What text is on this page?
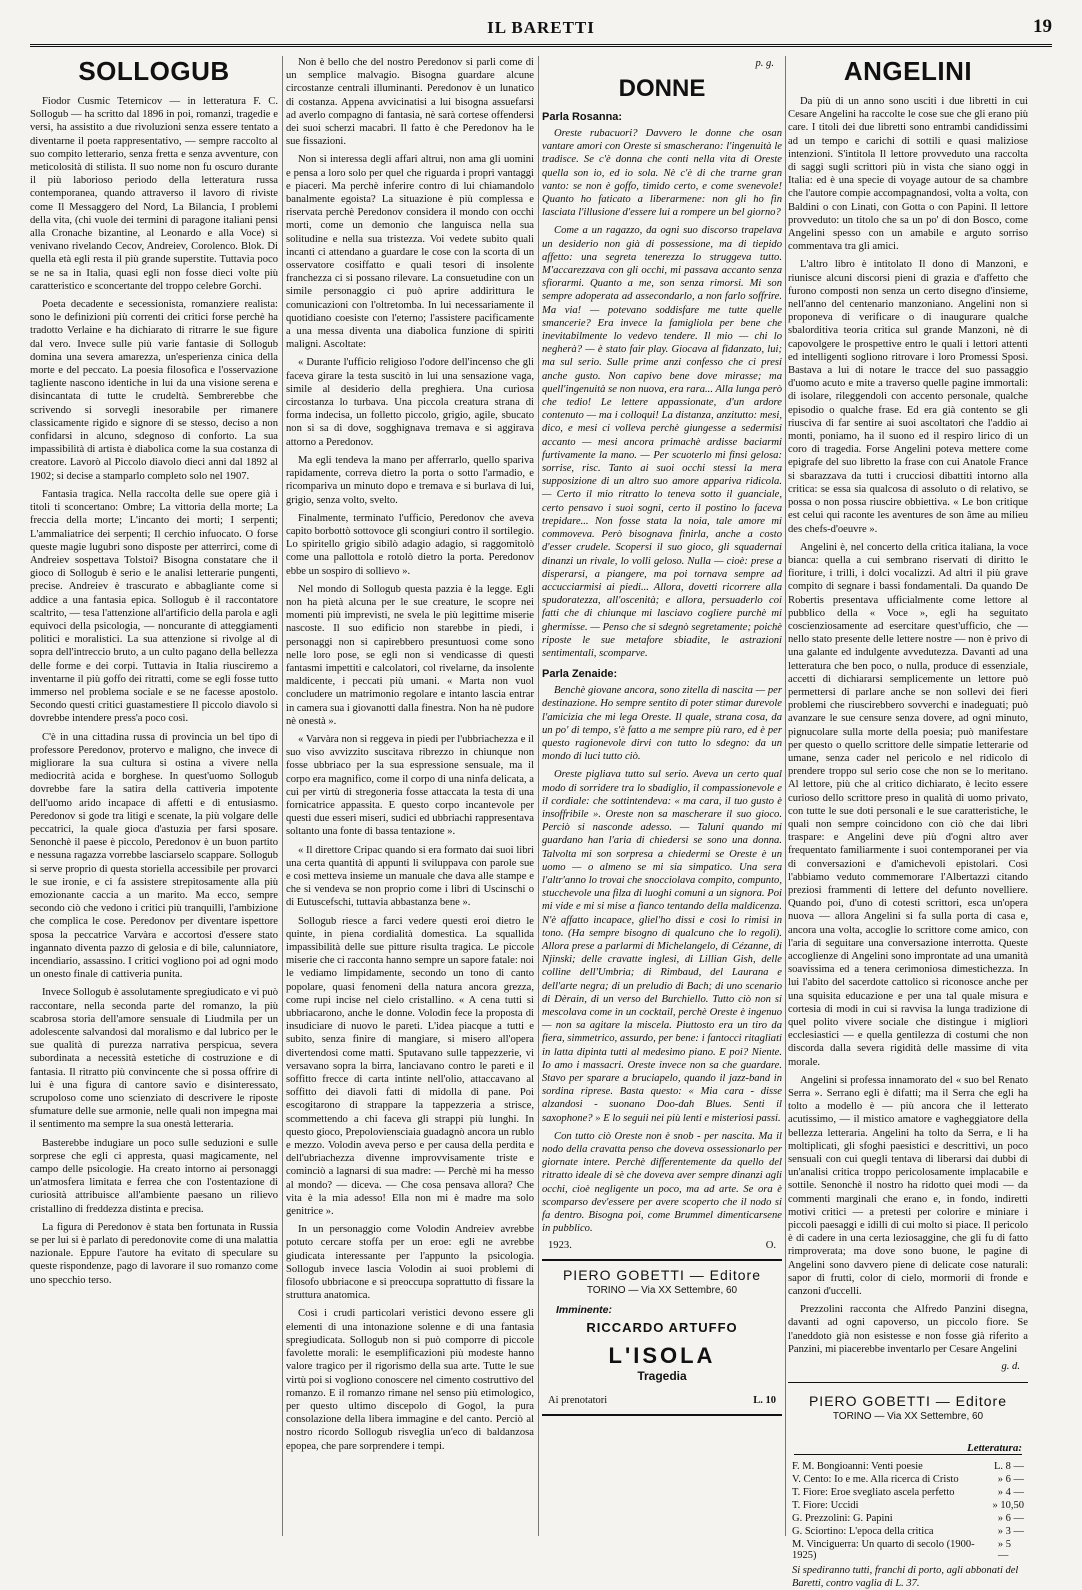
IL BARETTI	19
SOLLOGUB

Fiodor Cusmic Teternicov — in letteratura F. C. Sollogub — ha scritto dal 1896 in poi, romanzi, tragedie e versi, ha assistito a due rivoluzioni senza essere tentato a diventarne il poeta rappresentativo, — sempre raccolto al suo compito letterario, senza fretta e senza avventure, con meticolosità di stilista. Il suo nome non fu oscuro durante il più laborioso periodo della letteratura russa contemporanea, quando attraverso il lavoro di riviste come Il Messaggero del Nord, La Bilancia, I problemi della vita, (chi vuole dei termini di paragone italiani pensi alla Cronache bizantine, al Leonardo e alla Voce) si venivano rivelando Cecov, Andreiev, Corolenco. Blok. Di quella età egli resta il più grande superstite. Tuttavia poco se ne sa in Italia, quasi egli non fosse dieci volte più caratteristico e sconcertante del troppo celebre Gorchi.

Poeta decadente e secessionista, romanziere realista: sono le definizioni più correnti dei critici forse perchè ha tradotto Verlaine e ha dichiarato di ritrarre le sue figure dal vero. Invece sulle più varie fantasie di Sollogub domina una severa amarezza, un'esperienza cinica della morte e del peccato. La poesia filosofica e l'osservazione tagliente nascono identiche in lui da una visione serena e disincantata di tutte le crudeltà. Sembrerebbe che scrivendo si sorvegli inesorabile per rimanere classicamente rigido e signore di se stesso, deciso a non confidarsi in alcuno, sdegnoso di conforto. La sua impassibilità di artista è diabolica come la sua costanza di creatore. Lavorò al Piccolo diavolo dieci anni dal 1892 al 1902; si decise a stamparlo completo solo nel 1907.

Fantasia tragica. Nella raccolta delle sue opere già i titoli ti sconcertano: Ombre; La vittoria della morte; La freccia della morte; L'incanto dei morti; I serpenti; L'ammaliatrice dei serpenti; Il cerchio infuocato. O forse queste magie lugubri sono disposte per atterrirci, come di Andreiev sospettava Tolstoi? Bisogna constatare che il gioco di Sollogub è serio e le analisi letterarie pungenti, precise. Andreiev è trascurato e abbagliante come si addice a una fantasia epica. Sollogub è il raccontatore scaltrito, — tesa l'attenzione all'artificio della parola e agli equivoci della psicologia, — noncurante di atteggiamenti politici e moralistici. La sua attenzione si rivolge al di sopra dell'intreccio bruto, a un culto pagano della bellezza delle forme e dei corpi. Tuttavia in Italia riusciremo a inventarne il più goffo dei ritratti, come se egli fosse tutto immerso nel problema sociale e se ne facesse apostolo. Secondo questi critici guastamestiere Il piccolo diavolo si dovrebbe intendere press'a poco così.

C'è in una cittadina russa di provincia un bel tipo di professore Peredonov, protervo e maligno, che invece di migliorare la sua cultura si ostina a vivere nella mediocrità acida e borghese. In quest'uomo Sollogub dovrebbe fare la satira della cattiveria impotente dell'uomo arido incapace di affetti e di entusiasmo. Peredonov si gode tra litigi e scenate, la più volgare delle peccatrici, la quale gioca d'astuzia per farsi sposare. Senonchè il paese è piccolo, Peredonov è un buon partito e nessuna ragazza vorrebbe lasciarselo scappare. Sollogub si serve proprio di questa storiella accessibile per provarci le sue ironie, e ci fa assistere strepitosamente alla più emozionante caccia a un marito. Ma ecco, sempre secondo ciò che vedono i critici più tranquilli, l'ambizione che complica le cose. Peredonov per diventare ispettore sposa la peccatrice Varvàra e accortosi d'essere stato ingannato diventa pazzo di gelosia e di bile, calunniatore, incendiario, assassino. I critici vogliono poi ad ogni modo un onesto finale di cattiveria punita.

Invece Sollogub è assolutamente spregiudicato e vi può raccontare, nella seconda parte del romanzo, la più scabrosa storia dell'amore sensuale di Liudmila per un adolescente salvandosi dal moralismo e dal lubrico per le sue qualità di purezza narrativa perspicua, severa subordinata a necessità estetiche di costruzione e di fantasia. Il ritratto più convincente che si possa offrire di lui è una figura di cantore savio e disinteressato, scrupoloso come uno scienziato di descrivere le riposte sfumature delle sue armonie, nelle quali non impegna mai il sentimento ma sempre la sua onestà letteraria.

Basterebbe indugiare un poco sulle seduzioni e sulle sorprese che egli ci appresta, quasi magicamente, nel campo delle psicologie. Ha creato intorno ai personaggi un'atmosfera limitata e ferrea che con l'ostentazione di curiosità attribuisce all'ambiente paesano un rilievo cristallino di freddezza distinta e precisa.

La figura di Peredonov è stata ben fortunata in Russia se per lui si è parlato di peredonovite come di una malattia nazionale. Eppure l'autore ha evitato di speculare su queste rispondenze, pago di lavorare il suo romanzo come uno specchio terso.

Non è bello che del nostro Peredonov si parli come di un semplice malvagio. Bisogna guardare alcune circostanze centrali illuminanti. Peredonov è un lunatico di costanza. Appena avvicinatisi a lui bisogna assuefarsi ad averlo compagno di fantasia, nè sarà cortese offendersi dei suoi scherzi macabri. Il fatto è che Peredonov ha le sue fissazioni.

Non si interessa degli affari altrui, non ama gli uomini e pensa a loro solo per quel che riguarda i propri vantaggi e piaceri. Ma perchè inferire contro di lui chiamandolo banalmente egoista? La situazione è più complessa e riservata perchè Peredonov considera il mondo con occhi morti, come un demonio che languisca nella sua solitudine e nella sua tristezza. Voi vedete subito quali incanti ci attendano a guardare le cose con la scorta di un osservatore cosiffatto e quali tesori di insolente franchezza ci si possano rilevare. La consuetudine con un simile personaggio ci può aprire addirittura le comunicazioni con l'oltretomba. In lui necessariamente il quotidiano coesiste con l'eterno; l'assistere pacificamente a una messa diventa una diabolica funzione di spiriti maligni. Ascoltate:

« Durante l'ufficio religioso l'odore dell'incenso che gli faceva girare la testa suscitò in lui una sensazione vaga, simile al desiderio della preghiera. Una curiosa circostanza lo turbava. Una piccola creatura strana di forma indecisa, un folletto piccolo, grigio, agile, sbucato non si sa di dove, sogghignava tremava e si aggirava attorno a Peredonov.

Ma egli tendeva la mano per afferrarlo, quello spariva rapidamente, correva dietro la porta o sotto l'armadio, e ricompariva un minuto dopo e tremava e si burlava di lui, grigio, senza volto, svelto.

Finalmente, terminato l'ufficio, Peredonov che aveva capito borbottò sottovoce gli scongiuri contro il sortilegio. Lo spiritello grigio sibilò adagio adagio, si raggomitolò come una pallottola e rotolò dietro la porta. Peredonov ebbe un sospiro di sollievo ».

Nel mondo di Sollogub questa pazzia è la legge. Egli non ha pietà alcuna per le sue creature, le scopre nei momenti più imprevisti, ne svela le più legittime miserie nascoste. Il suo edificio non starebbe in piedi, i personaggi non si capirebbero presuntuosi come sono nelle loro pose, se egli non si vendicasse di questi fantasmi impettiti e calcolatori, col rivelarne, da insolente maldicente, i peccati più umani. « Marta non vuol concludere un matrimonio regolare e intanto lascia entrar in camera sua i giovanotti dalla finestra. Non ha nè pudore nè onestà ».

« Varvàra non si reggeva in piedi per l'ubbriachezza e il suo viso avvizzito suscitava ribrezzo in chiunque non fosse ubbriaco per la sua espressione sensuale, ma il corpo era magnifico, come il corpo di una ninfa delicata, a cui per virtù di stregoneria fosse attaccata la testa di una fornicatrice appassita. E questo corpo incantevole per questi due esseri miseri, sudici ed ubbriachi rappresentava soltanto una fonte di bassa tentazione ».

« Il direttore Cripac quando si era formato dai suoi libri una certa quantità di appunti li sviluppava con parole sue e così metteva insieme un manuale che dava alle stampe e che si vendeva se non proprio come i libri di Uscinschi o di Eutuscefschi, tuttavia abbastanza bene ».

Sollogub riesce a farci vedere questi eroi dietro le quinte, in piena cordialità domestica. La squallida impassibilità delle sue pitture risulta tragica. Le piccole miserie che ci racconta hanno sempre un sapore fatale: noi le vediamo limpidamente, secondo un tono di canto popolare, quasi fenomeni della natura ancora grezza, come rupi incise nel cielo cristallino. « A cena tutti si ubbriacarono, anche le donne. Volodin fece la proposta di insudiciare di nuovo le pareti. L'idea piacque a tutti e subito, senza finire di mangiare, si misero all'opera divertendosi come matti. Sputavano sulle tappezzerie, vi versavano sopra la birra, lanciavano contro le pareti e il soffitto frecce di carta intinte nell'olio, attaccavano al soffitto dei diavoli fatti di midolla di pane. Poi escogitarono di strappare la tappezzeria a strisce, scommettendo a chi faceva gli strappi più lunghi. In questo gioco, Prepoloviensciaia guadagnò ancora un rublo e mezzo. Volodin aveva perso e per causa della perdita e dell'ubriachezza divenne improvvisamente triste e cominciò a lagnarsi di sua madre: — Perchè mi ha messo al mondo? — diceva. — Che cosa pensava allora? Che vita è la mia adesso! Ella non mi è madre ma solo genitrice ».

In un personaggio come Volodin Andreiev avrebbe potuto cercare stoffa per un eroe: egli ne avrebbe giudicata interessante per l'appunto la psicologia. Sollogub invece lascia Volodin ai suoi problemi di filosofo ubbriacone e si preoccupa soprattutto di fissare la struttura anatomica.

Così i crudi particolari veristici devono essere gli elementi di una intonazione solenne e di una fantasia spregiudicata. Sollogub non si può comporre di piccole favolette morali: le esemplificazioni più modeste hanno valore tragico per il rigorismo della sua arte. Tutte le sue virtù poi si vogliono conoscere nel cimento costruttivo del romanzo. E il romanzo rimane nel senso più etimologico, per questo ultimo discepolo di Gogol, la pura consolazione della libera immagine e del canto. Perciò al nostro ricordo Sollogub risveglia un'eco di baldanzosa epopea, che pare sorprendere i tempi.

p. g.
DONNE
Parla Rosanna:

Oreste rubacuori? Davvero le donne che osan vantare amori con Oreste si smascherano: l'ingenuità le tradisce. Se c'è donna che conti nella vita di Oreste quella son io, ed io sola. Nè c'è di che trarne gran vanto: se non è goffo, timido certo, e come svenevole! Quanto ho faticato a liberarmene: non gli ho fin lasciata l'illusione d'essere lui a rompere un bel giorno?

Come a un ragazzo, da ogni suo discorso trapelava un desiderio non già di possessione, ma di tiepido affetto: una segreta tenerezza lo struggeva tutto. M'accarezzava con gli occhi, mi passava accanto senza sfiorarmi. Quanto a me, son senza rimorsi. Mi son sempre adoperata ad assecondarlo, a non farlo soffrire. Ma via! — potevano soddisfare me tutte quelle smancerie? Era invece la famigliola per bene che inevitabilmente lo vedevo tendere. Il mio — chi lo negherà? — è stato fair play. Giocava al fidanzato, lui; ma sul serio. Sulle prime anzi confesso che ci presi anche gusto. Non capivo bene dove mirasse; ma quell'ingenuità se non nuova, era rara... Alla lunga però che tedio! Le lettere appassionate, d'un ardore contenuto — ma i colloqui! La distanza, anzitutto: mesi, dico, e mesi ci volleva perchè giungesse a sedermisi accanto — mesi ancora primachè ardisse baciarmi furtivamente la mano. — Per scuoterlo mi finsi gelosa: sorrise, risc. Tanto ai suoi occhi stessi la mera supposizione di un altro suo amore appariva ridicola. — Certo il mio ritratto lo teneva sotto il guanciale, certo pensavo i suoi sogni, certo il postino lo faceva trepidare... Non fosse stata la noia, tale amore mi commoveva. Però bisognava finirla, anche a costo d'esser crudele. Scopersi il suo gioco, gli squadernai dinanzi un rivale, lo volli geloso. Nulla — cioè: prese a disperarsi, a piangere, ma poi tornava sempre ad accucciarmisi ai piedi... Allora, dovetti ricorrere alla spudoratezza, all'oscenità; e allora, persuaderlo coi fatti che di chiunque mi lasciavo cogliere purchè mi ghermisse. — Penso che si sdegnò segretamente; poichè riposte le sue metafore sbiadite, le astrazioni sentimentali, scomparve.

Parla Zenaide:

Benchè giovane ancora, sono zitella di nascita — per destinazione. Ho sempre sentito di poter stimar durevole l'amicizia che mi lega Oreste. Il quale, strana cosa, da un po' di tempo, s'è fatto a me sempre più raro, ed è per questo ragionevole dirvi con tutto lo sdegno: da un mondo di luci tutto ciò.

Oreste pigliava tutto sul serio. Aveva un certo qual modo di sorridere tra lo sbadiglio, il compassionevole e il cordiale: che sottintendeva: « ma cara, il tuo gusto è insoffribile ». Oreste non sa mascherare il suo gioco. Perciò si nasconde adesso. — Taluni quando mi guardano han l'aria di chiedersi se sono una donna. Talvolta mi son sorpresa a chiedermi se Oreste è un uomo — o almeno se mi sia simpatico. Una sera l'altr'anno lo trovai che snocciolava compito, compunto, stucchevole una filza di luoghi comuni a un signora. Poi mi vide e mi si mise a fianco tentando della maldicenza. N'è affatto incapace, gliel'ho dissi e così lo rimisi in tono. (Ha sempre bisogno di qualcuno che lo regoli). Allora prese a parlarmi di Michelangelo, di Cézanne, di Njinski; delle cravatte inglesi, di Lillian Gish, delle colline dell'Umbria; di Rimbaud, del Laurana e dell'arte negra; di un preludio di Bach; di uno scenario di Dèrain, di un verso del Burchiello. Tutto ciò non si mescolava come in un cocktail, perchè Oreste è ingenuo — non sa agitare la miscela. Piuttosto era un tiro da fiera, simmetrico, assurdo, per bene: i fantocci ritagliati in latta dipinta tutti al medesimo piano. E poi? Niente. Io amo i massacri. Oreste invece non sa che guardare. Stavo per sparare a bruciapelo, quando il jazz-band in sordina riprese. Basta questo: « Mia cara - disse alzandosi - suonano Doo-dah Blues. Senti il saxophone? » E lo seguii nei più lenti e misteriosi passi.

Con tutto ciò Oreste non è snob - per nascita. Ma il nodo della cravatta penso che doveva ossessionarlo per giornate intere. Perchè differentemente da quello del ritratto ideale di sè che doveva aver sempre dinanzi agli occhi, cioè negligente un poco, ma ad arte. Se ora è scomparso dev'essere per avere scoperto che il nodo si fa dentro. Bisogna poi, come Brummel dimenticarsene in pubblico.

1923.	O.
PIERO GOBETTI — Editore
TORINO — Via XX Settembre, 60
Imminente:
RICCARDO ARTUFFO
L'ISOLA
Tragedia
Ai prenotatori	L. 10
ANGELINI

Da più di un anno sono usciti i due libretti in cui Cesare Angelini ha raccolte le cose sue che gli erano più care. I titoli dei due libretti sono entrambi candidissimi ad un tempo e carichi di sottili e quasi maliziose intenzioni. S'intitola Il lettore provveduto una raccolta di saggi sugli scrittori più in vista che siano oggi in Italia: ed è una specie di voyage autour de sa chambre che l'autore compie accompagnandosi, volta a volta, con Baldini o con Linati, con Gotta o con Papini. Il lettore provveduto: un titolo che sa un po' di don Bosco, come Angelini spesso con un amabile e arguto sorriso commentava tra gli amici.

L'altro libro è intitolato Il dono di Manzoni, e riunisce alcuni discorsi pieni di grazia e d'affetto che furono composti non senza un certo disegno d'insieme, nell'anno del centenario manzoniano. Angelini non si proponeva di verificare o di inaugurare qualche sbalorditiva teoria critica sul grande Manzoni, nè di capovolgere le prospettive entro le quali i lettori attenti ed intelligenti sogliono ritrovare i loro Promessi Sposi. Bastava a lui di notare le tracce del suo passaggio d'uomo acuto e mite a traverso quelle pagine immortali: di isolare, rileggendoli con accento personale, qualche episodio o qualche frase. Ed era già contento se gli riusciva di far sentire ai suoi ascoltatori che l'addio ai monti, poniamo, ha il suono ed il respiro lirico di un coro di tragedia. Forse Angelini poteva mettere come epigrafe del suo libretto la frase con cui Anatole France si sbarazzava da tutti i crucciosi dibattiti intorno alla critica: se essa sia qualcosa di assoluto o di relativo, se possa o non possa riuscire obbiettiva. « Le bon critique est celui qui raconte les aventures de son âme au milieu des chefs-d'oeuvre ».

Angelini è, nel concerto della critica italiana, la voce bianca: quella a cui sembrano riservati di diritto le fioriture, i trilli, i dolci vocalizzi. Ad altri il più grave compito di segnare i bassi fondamentali. Da quando De Robertis presentava ufficialmente come lettore al pubblico della « Voce », egli ha seguitato coscienziosamente ad esercitare quest'ufficio, che — nello stato presente delle lettere nostre — non è privo di una galante ed indulgente avvedutezza. Davanti ad una letteratura che ben poco, o nulla, produce di essenziale, accetti di dichiararsi semplicemente un lettore può permettersi di parlare anche se non sollevi dei fieri problemi che riuscirebbero sovverchi e inadeguati; può avanzare le sue censure senza dovere, ad ogni minuto, pignucolare sulla morte della poesia; può manifestare per questo o quello scrittore delle simpatie letterarie od umane, senza cader nel pericolo e nel ridicolo di prendere troppo sul serio cose che non se lo meritano. Al lettore, più che al critico dichiarato, è lecito essere curioso dello scrittore preso in qualità di uomo privato, con tutte le sue doti personali e le sue caratteristiche, le quali non sempre coincidono con ciò che dai libri traspare: e Angelini deve più d'ogni altro aver frequentato familiarmente i suoi contemporanei per via di conversazioni e d'amichevoli epistolari. Così l'abbiamo veduto commemorare l'Albertazzi citando preziosi frammenti di lettere del defunto novelliere. Quando poi, d'uno di cotesti scrittori, esca un'opera nuova — allora Angelini si fa sulla porta di casa e, ancora una volta, accoglie lo scrittore come amico, con l'aria di seguitare una conversazione interrotta. Queste accoglienze di Angelini sono improntate ad una umanità soavissima ed a tenera cerimoniosa dimestichezza. In lui l'abito del sacerdote cattolico si riconosce anche per una squisita educazione e per una tal quale misura e cortesia di modi in cui si ravvisa la lunga tradizione di quel polito vivere sociale che distingue i migliori ecclesiastici — e quella gentilezza di costumi che non discorda dalla severa rigidità delle massime di vita morale.

Angelini si professa innamorato del « suo bel Renato Serra ». Serrano egli è difatti; ma il Serra che egli ha tolto a modello è — più ancora che il letterato acutissimo, — il mistico amatore e vagheggiatore della bellezza letteraria. Angelini ha tolto da Serra, e li ha moltiplicati, gli sfoghi paesistici e descrittivi, un poco sensuali con cui quegli tentava di liberarsi dai dubbi di un'analisi critica troppo pericolosamente implacabile e sottile. Senonchè il nostro ha ridotto quei modi — da commenti marginali che erano e, in fondo, indiretti motivi critici — a pretesti per colorire e miniare i piccoli paesaggi e idilli di cui molto si piace. Il pericolo è di cadere in una certa leziosaggine, che gli fu di fatto rimproverata; ma dove sono buone, le pagine di Angelini sono davvero piene di delicate cose naturali: sapor di frutti, color di cielo, mormorii di fronde e canzoni d'uccelli.

Prezzolini racconta che Alfredo Panzini disegna, davanti ad ogni capoverso, un piccolo fiore. Se l'aneddoto già non esistesse e non fosse già riferito a Panzini, mi piacerebbe inventarlo per Cesare Angelini

g. d.
PIERO GOBETTI — Editore
TORINO — Via XX Settembre, 60
Letteratura:
F. M. Bongioanni: Venti poesie	L. 8 —
V. Cento: Io e me. Alla ricerca di Cristo	» 6 —
T. Fiore: Eroe svegliato ascela perfetto	» 4 —
T. Fiore: Uccidi	» 10,50
G. Prezzolini: G. Papini	» 6 —
G. Sciortino: L'epoca della critica	» 3 —
M. Vinciguerra: Un quarto di secolo (1900-1925)
» 5 —
Si spediranno tutti, franchi di porto, agli abbonati del Baretti, contro vaglia di L. 37.
